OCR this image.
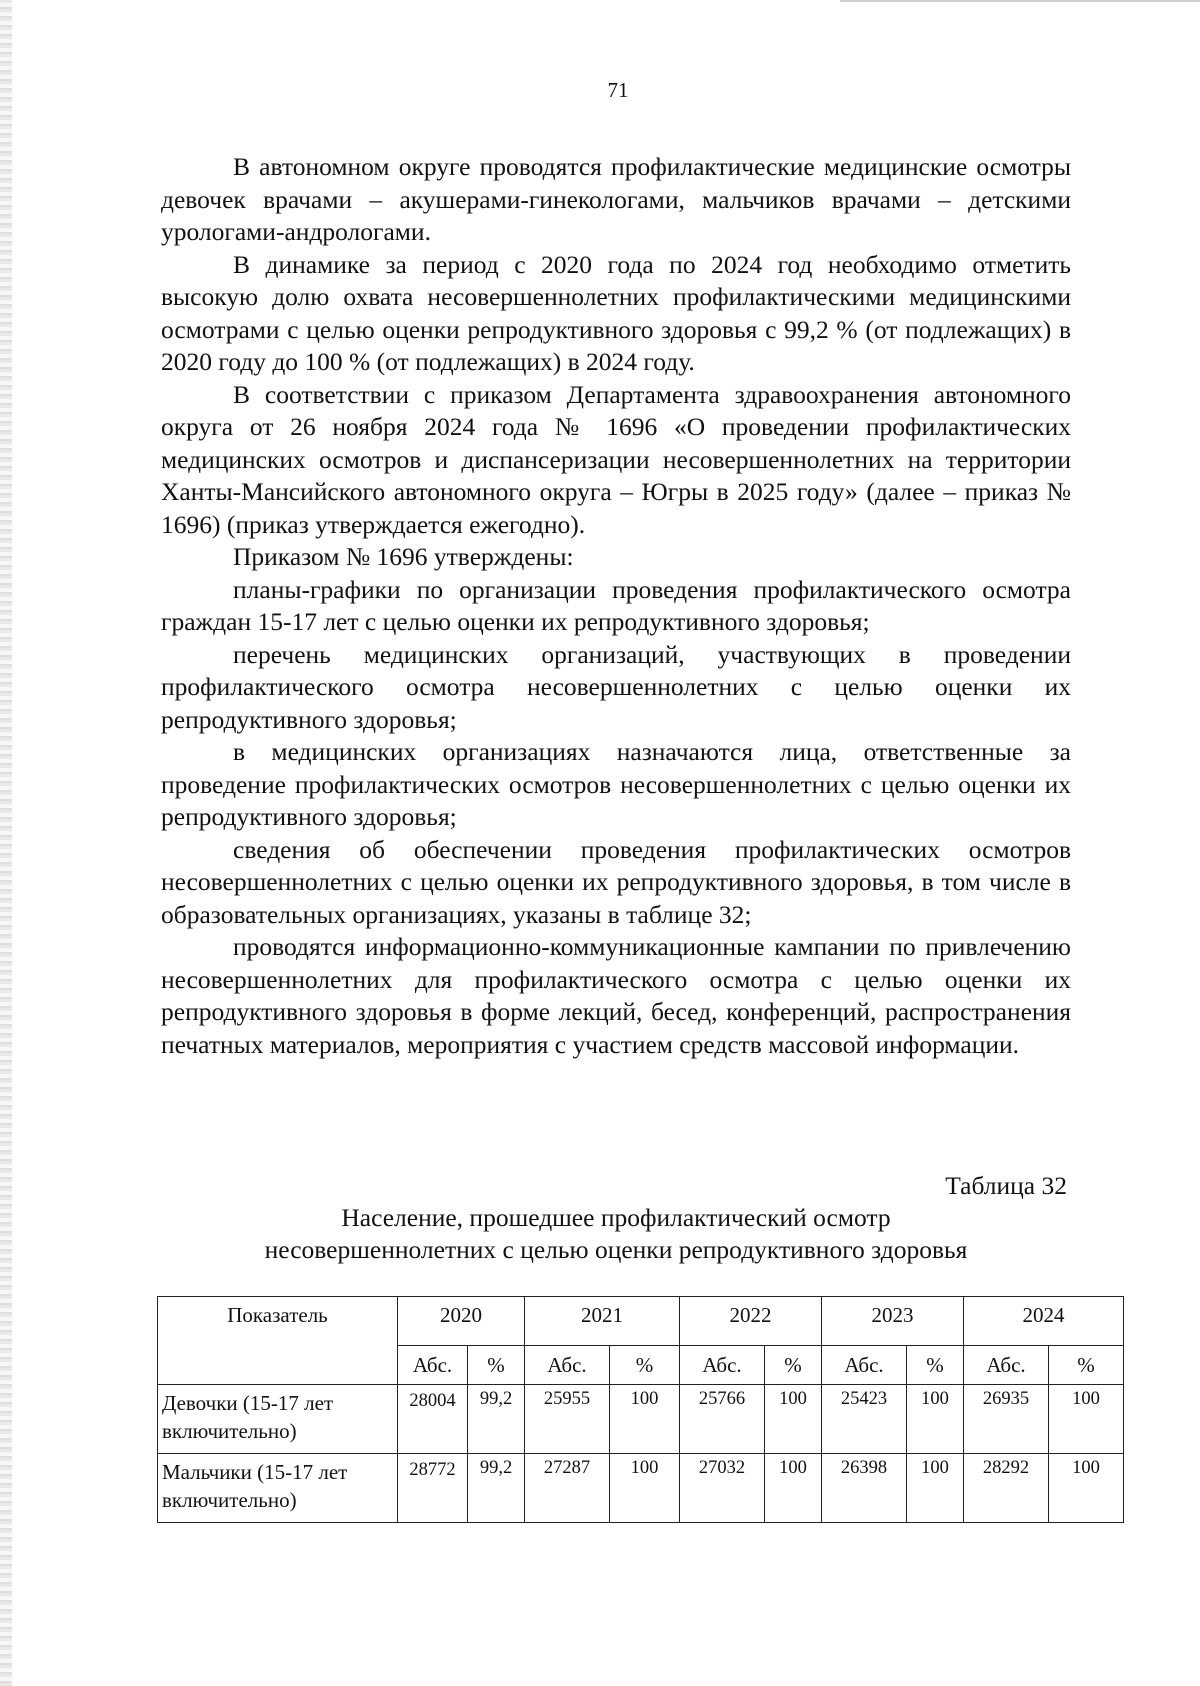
71

В автономном округе проводятся профилактические медицинские осмотры девочек врачами – акушерами-гинекологами, мальчиков врачами – детскими урологами-андрологами.

В динамике за период с 2020 года по 2024 год необходимо отметить высокую долю охвата несовершеннолетних профилактическими медицинскими осмотрами с целью оценки репродуктивного здоровья с 99,2 % (от подлежащих) в 2020 году до 100 % (от подлежащих) в 2024 году.

В соответствии с приказом Департамента здравоохранения автономного округа от 26 ноября 2024 года № 1696 «О проведении профилактических медицинских осмотров и диспансеризации несовершеннолетних на территории Ханты-Мансийского автономного округа – Югры в 2025 году» (далее – приказ № 1696) (приказ утверждается ежегодно).

Приказом № 1696 утверждены:

планы-графики по организации проведения профилактического осмотра граждан 15-17 лет с целью оценки их репродуктивного здоровья;

перечень медицинских организаций, участвующих в проведении профилактического осмотра несовершеннолетних с целью оценки их репродуктивного здоровья;

в медицинских организациях назначаются лица, ответственные за проведение профилактических осмотров несовершеннолетних с целью оценки их репродуктивного здоровья;

сведения об обеспечении проведения профилактических осмотров несовершеннолетних с целью оценки их репродуктивного здоровья, в том числе в образовательных организациях, указаны в таблице 32;

проводятся информационно-коммуникационные кампании по привлечению несовершеннолетних для профилактического осмотра с целью оценки их репродуктивного здоровья в форме лекций, бесед, конференций, распространения печатных материалов, мероприятия с участием средств массовой информации.

Таблица 32
Население, прошедшее профилактический осмотр
несовершеннолетних с целью оценки репродуктивного здоровья
Показатель	2020		2021		2022		2023		2024	
	Абс.	%	Абс.	%	Абс.	%	Абс.	%	Абс.	%
Девочки (15-17 лет включительно)	28004	99,2	25955	100	25766	100	25423	100	26935	100
Мальчики (15-17 лет включительно)	28772	99,2	27287	100	27032	100	26398	100	28292	100
